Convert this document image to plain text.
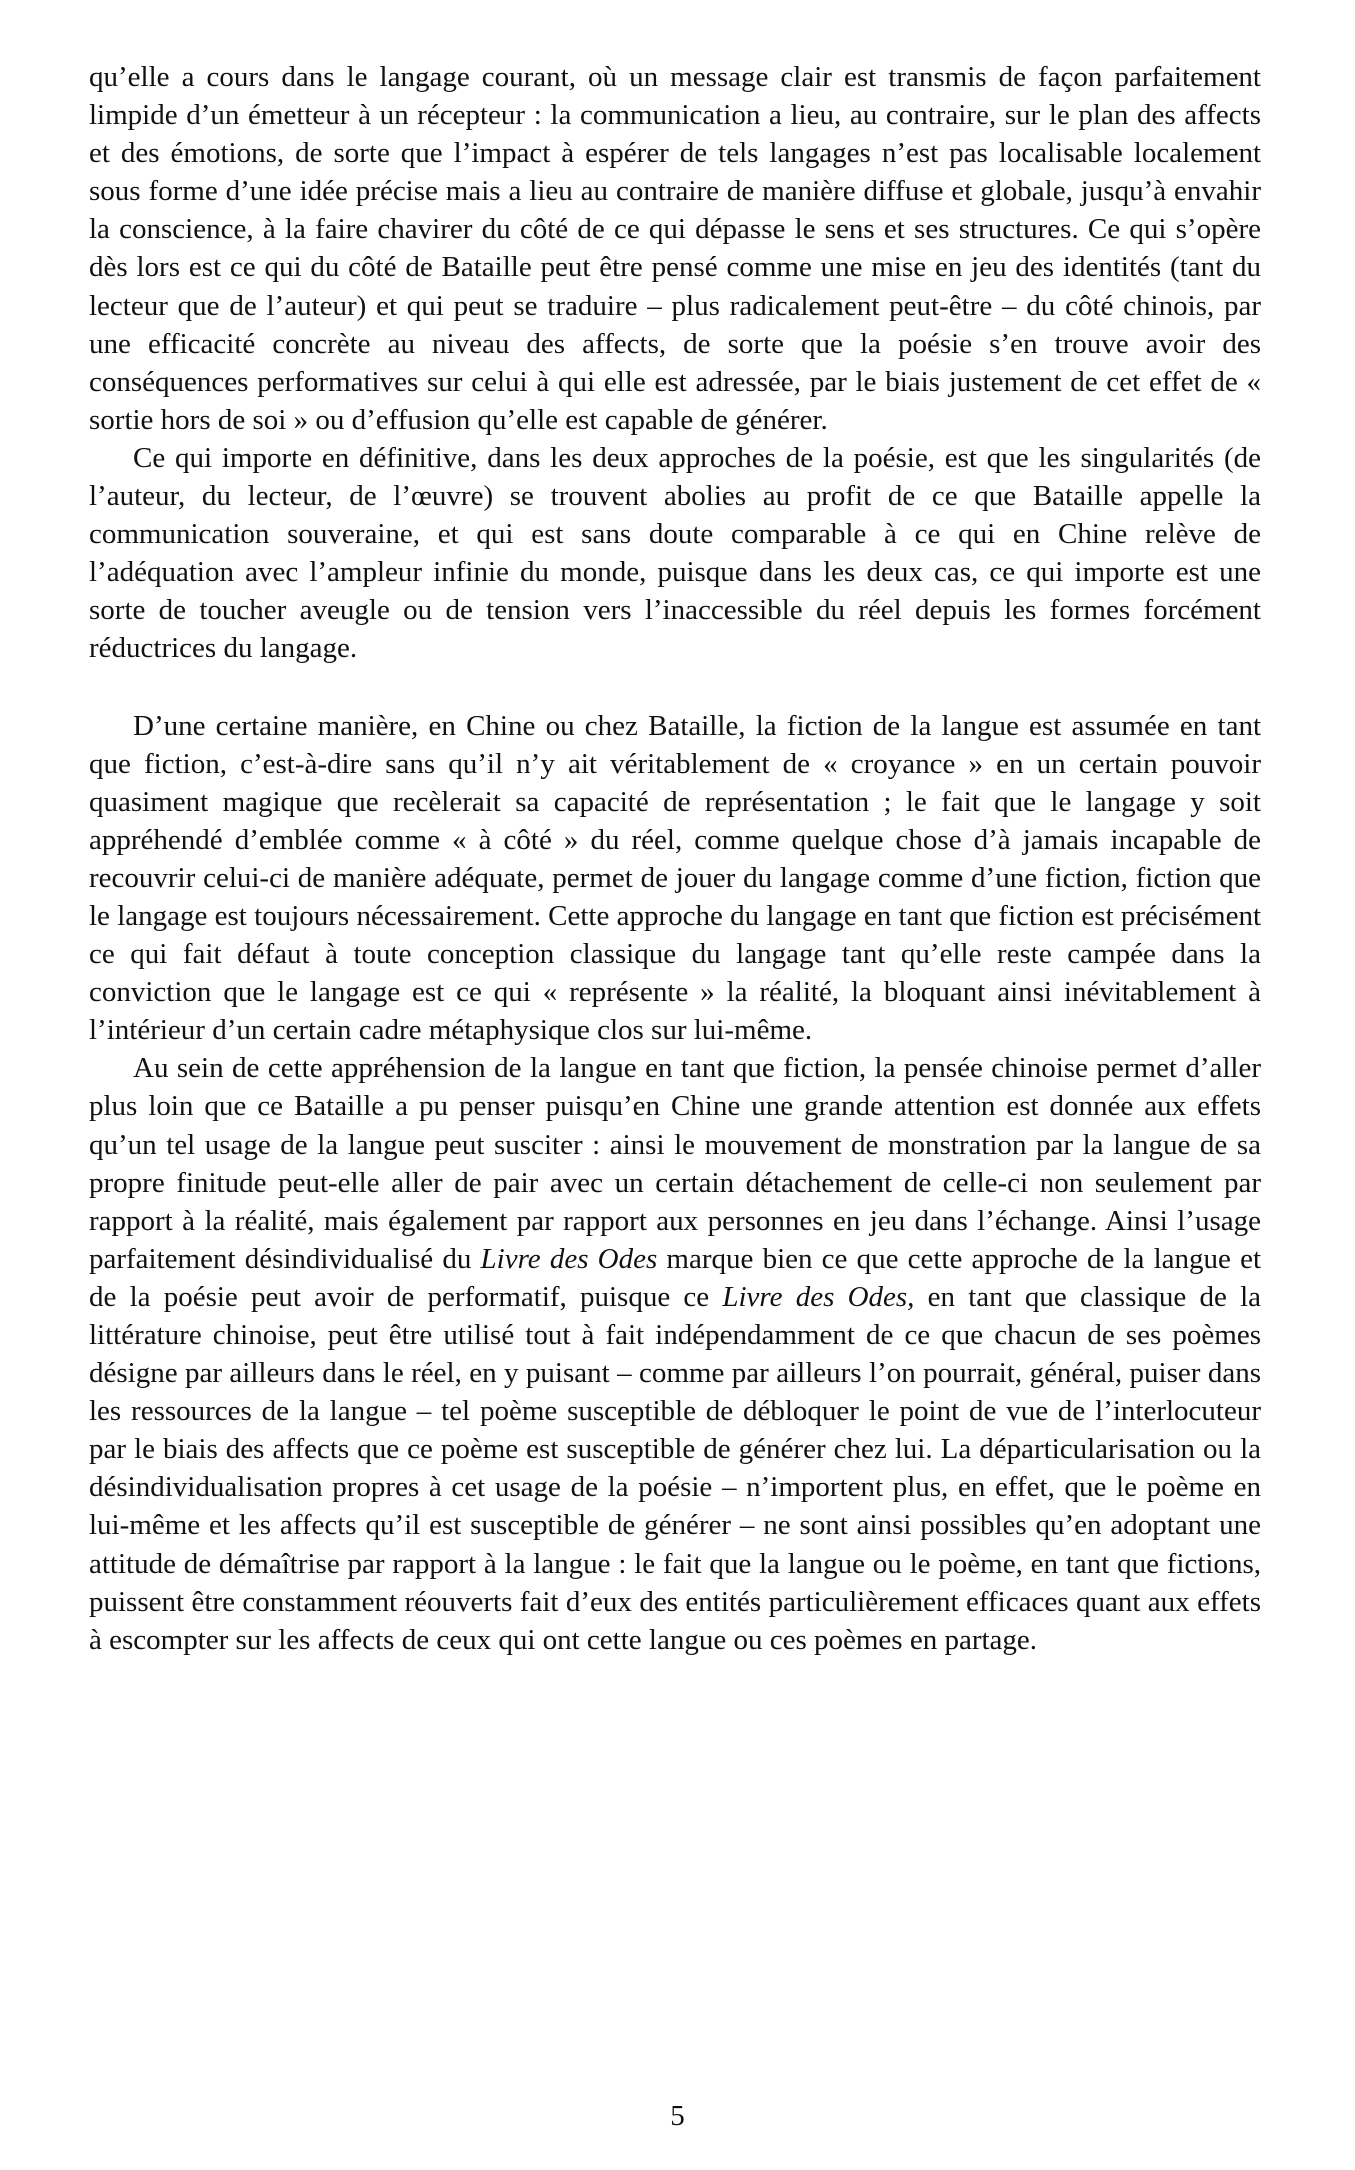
qu’elle a cours dans le langage courant, où un message clair est transmis de façon parfaitement limpide d’un émetteur à un récepteur : la communication a lieu, au contraire, sur le plan des affects et des émotions, de sorte que l’impact à espérer de tels langages n’est pas localisable localement sous forme d’une idée précise mais a lieu au contraire de manière diffuse et globale, jusqu’à envahir la conscience, à la faire chavirer du côté de ce qui dépasse le sens et ses structures. Ce qui s’opère dès lors est ce qui du côté de Bataille peut être pensé comme une mise en jeu des identités (tant du lecteur que de l’auteur) et qui peut se traduire – plus radicalement peut-être – du côté chinois, par une efficacité concrète au niveau des affects, de sorte que la poésie s’en trouve avoir des conséquences performatives sur celui à qui elle est adressée, par le biais justement de cet effet de « sortie hors de soi » ou d’effusion qu’elle est capable de générer.

Ce qui importe en définitive, dans les deux approches de la poésie, est que les singularités (de l’auteur, du lecteur, de l’œuvre) se trouvent abolies au profit de ce que Bataille appelle la communication souveraine, et qui est sans doute comparable à ce qui en Chine relève de l’adéquation avec l’ampleur infinie du monde, puisque dans les deux cas, ce qui importe est une sorte de toucher aveugle ou de tension vers l’inaccessible du réel depuis les formes forcément réductrices du langage.

D’une certaine manière, en Chine ou chez Bataille, la fiction de la langue est assumée en tant que fiction, c’est-à-dire sans qu’il n’y ait véritablement de « croyance » en un certain pouvoir quasiment magique que recèlerait sa capacité de représentation ; le fait que le langage y soit appréhendé d’emblée comme « à côté » du réel, comme quelque chose d’à jamais incapable de recouvrir celui-ci de manière adéquate, permet de jouer du langage comme d’une fiction, fiction que le langage est toujours nécessairement. Cette approche du langage en tant que fiction est précisément ce qui fait défaut à toute conception classique du langage tant qu’elle reste campée dans la conviction que le langage est ce qui « représente » la réalité, la bloquant ainsi inévitablement à l’intérieur d’un certain cadre métaphysique clos sur lui-même.

Au sein de cette appréhension de la langue en tant que fiction, la pensée chinoise permet d’aller plus loin que ce Bataille a pu penser puisqu’en Chine une grande attention est donnée aux effets qu’un tel usage de la langue peut susciter : ainsi le mouvement de monstration par la langue de sa propre finitude peut-elle aller de pair avec un certain détachement de celle-ci non seulement par rapport à la réalité, mais également par rapport aux personnes en jeu dans l’échange. Ainsi l’usage parfaitement désindividualisé du Livre des Odes marque bien ce que cette approche de la langue et de la poésie peut avoir de performatif, puisque ce Livre des Odes, en tant que classique de la littérature chinoise, peut être utilisé tout à fait indépendamment de ce que chacun de ses poèmes désigne par ailleurs dans le réel, en y puisant – comme par ailleurs l’on pourrait, général, puiser dans les ressources de la langue – tel poème susceptible de débloquer le point de vue de l’interlocuteur par le biais des affects que ce poème est susceptible de générer chez lui. La départicularisation ou la désindividualisation propres à cet usage de la poésie – n’importent plus, en effet, que le poème en lui-même et les affects qu’il est susceptible de générer – ne sont ainsi possibles qu’en adoptant une attitude de démaîtrise par rapport à la langue : le fait que la langue ou le poème, en tant que fictions, puissent être constamment réouverts fait d’eux des entités particulièrement efficaces quant aux effets à escompter sur les affects de ceux qui ont cette langue ou ces poèmes en partage.

5
